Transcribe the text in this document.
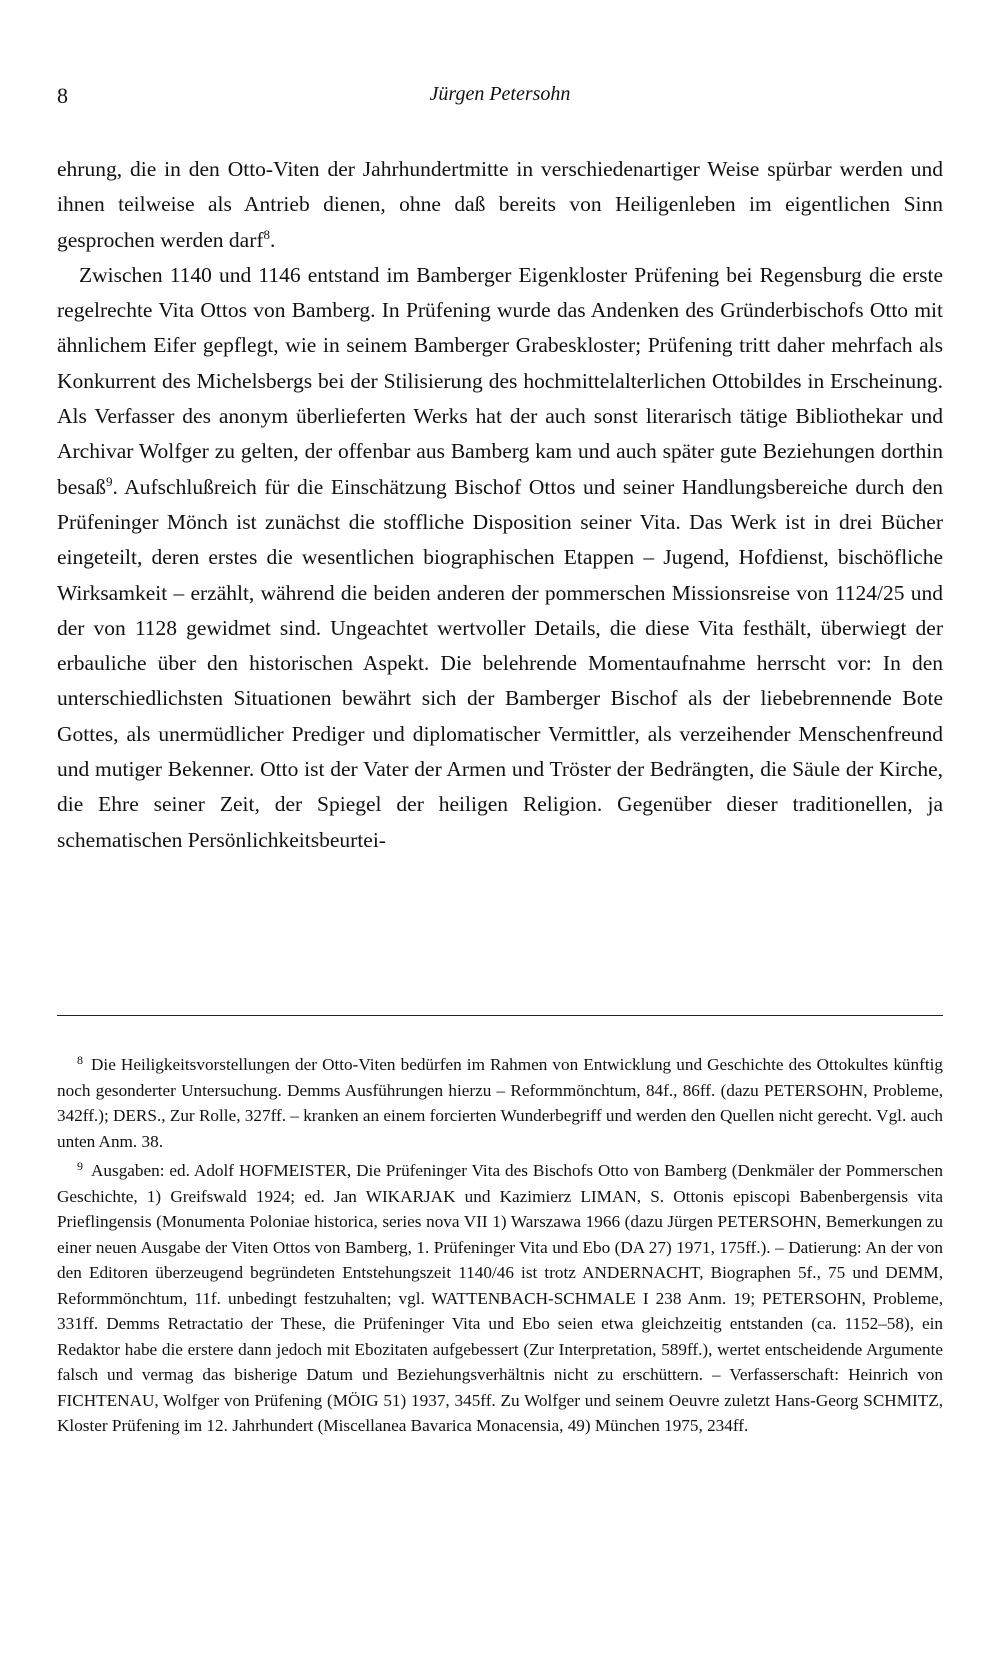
8	Jürgen Petersohn

ehrung, die in den Otto-Viten der Jahrhundertmitte in verschiedenartiger Weise spürbar werden und ihnen teilweise als Antrieb dienen, ohne daß bereits von Heiligenleben im eigentlichen Sinn gesprochen werden darf$^8$.

Zwischen 1140 und 1146 entstand im Bamberger Eigenkloster Prüfening bei Regensburg die erste regelrechte Vita Ottos von Bamberg. In Prüfening wurde das Andenken des Gründerbischofs Otto mit ähnlichem Eifer gepflegt, wie in seinem Bamberger Grabeskloster; Prüfening tritt daher mehrfach als Konkurrent des Michelsbergs bei der Stilisierung des hochmittelalterlichen Ottobildes in Erscheinung. Als Verfasser des anonym überlieferten Werks hat der auch sonst literarisch tätige Bibliothekar und Archivar Wolfger zu gelten, der offenbar aus Bamberg kam und auch später gute Beziehungen dorthin besaß$^9$. Aufschlußreich für die Einschätzung Bischof Ottos und seiner Handlungsbereiche durch den Prüfeninger Mönch ist zunächst die stoffliche Disposition seiner Vita. Das Werk ist in drei Bücher eingeteilt, deren erstes die wesentlichen biographischen Etappen – Jugend, Hofdienst, bischöfliche Wirksamkeit – erzählt, während die beiden anderen der pommerschen Missionsreise von 1124/25 und der von 1128 gewidmet sind. Ungeachtet wertvoller Details, die diese Vita festhält, überwiegt der erbauliche über den historischen Aspekt. Die belehrende Momentaufnahme herrscht vor: In den unterschiedlichsten Situationen bewährt sich der Bamberger Bischof als der liebebrennende Bote Gottes, als unermüdlicher Prediger und diplomatischer Vermittler, als verzeihender Menschenfreund und mutiger Bekenner. Otto ist der Vater der Armen und Tröster der Bedrängten, die Säule der Kirche, die Ehre seiner Zeit, der Spiegel der heiligen Religion. Gegenüber dieser traditionellen, ja schematischen Persönlichkeitsbeurtei-

$^8$ Die Heiligkeitsvorstellungen der Otto-Viten bedürfen im Rahmen von Entwicklung und Geschichte des Ottokultes künftig noch gesonderter Untersuchung. Demms Ausführungen hierzu – Reformmönchtum, 84f., 86ff. (dazu PETERSOHN, Probleme, 342ff.); DERS., Zur Rolle, 327ff. – kranken an einem forcierten Wunderbegriff und werden den Quellen nicht gerecht. Vgl. auch unten Anm. 38.

$^9$ Ausgaben: ed. Adolf HOFMEISTER, Die Prüfeninger Vita des Bischofs Otto von Bamberg (Denkmäler der Pommerschen Geschichte, 1) Greifswald 1924; ed. Jan WIKARJAK und Kazimierz LIMAN, S. Ottonis episcopi Babenbergensis vita Prieflingensis (Monumenta Poloniae historica, series nova VII 1) Warszawa 1966 (dazu Jürgen PETERSOHN, Bemerkungen zu einer neuen Ausgabe der Viten Ottos von Bamberg, 1. Prüfeninger Vita und Ebo (DA 27) 1971, 175ff.). – Datierung: An der von den Editoren überzeugend begründeten Entstehungszeit 1140/46 ist trotz ANDERNACHT, Biographen 5f., 75 und DEMM, Reformmönchtum, 11f. unbedingt festzuhalten; vgl. WATTENBACH-SCHMALE I 238 Anm. 19; PETERSOHN, Probleme, 331ff. Demms Retractatio der These, die Prüfeninger Vita und Ebo seien etwa gleichzeitig entstanden (ca. 1152–58), ein Redaktor habe die erstere dann jedoch mit Ebozitaten aufgebessert (Zur Interpretation, 589ff.), wertet entscheidende Argumente falsch und vermag das bisherige Datum und Beziehungsverhältnis nicht zu erschüttern. – Verfasserschaft: Heinrich von FICHTENAU, Wolfger von Prüfening (MÖIG 51) 1937, 345ff. Zu Wolfger und seinem Oeuvre zuletzt Hans-Georg SCHMITZ, Kloster Prüfening im 12. Jahrhundert (Miscellanea Bavarica Monacensia, 49) München 1975, 234ff.
